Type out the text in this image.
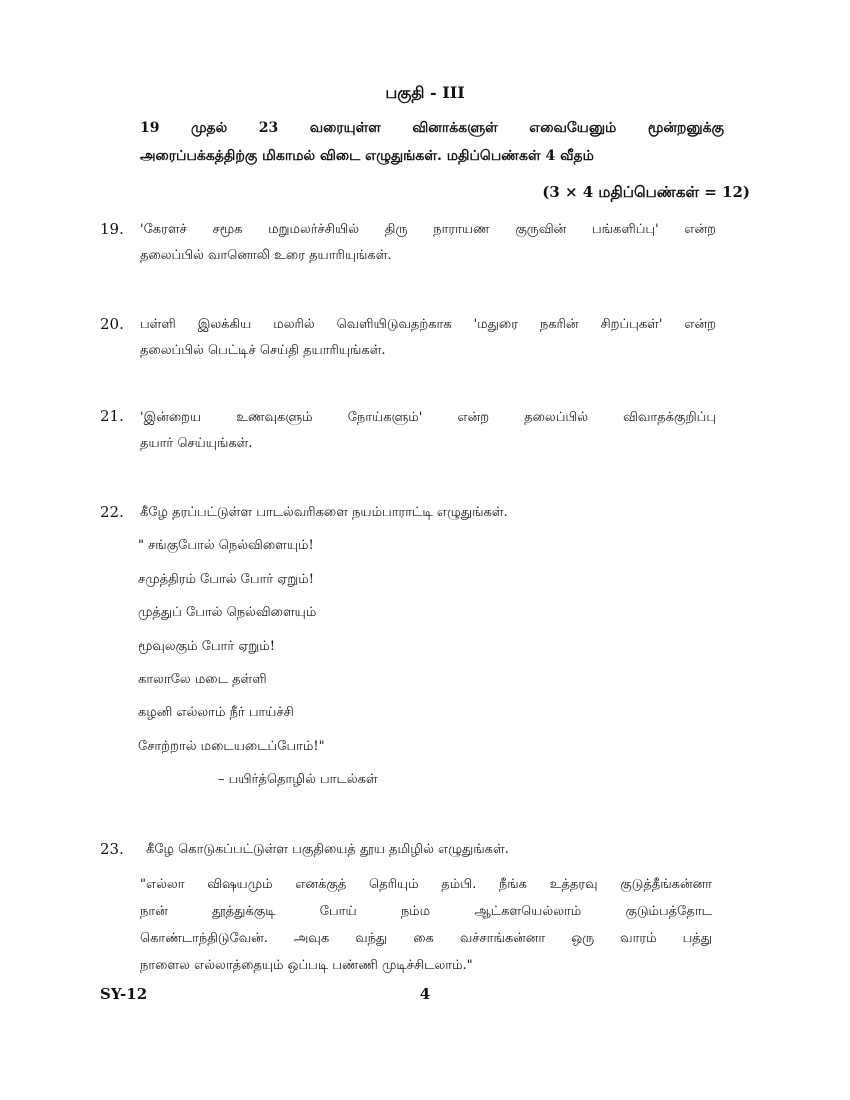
பகுதி - III
19 முதல் 23 வரையுள்ள வினாக்களுள் எவையேனும் மூன்றனுக்கு
அரைப்பக்கத்திற்கு மிகாமல் விடை எழுதுங்கள். மதிப்பெண்கள் 4 வீதம்
(3 × 4 மதிப்பெண்கள் = 12)
19. 'கேரளச் சமூக மறுமலர்ச்சியில் திரு நாராயண குருவின் பங்களிப்பு' என்ற
தலைப்பில் வானொலி உரை தயாரியுங்கள்.
20. பள்ளி இலக்கிய மலரில் வெளியிடுவதற்காக 'மதுரை நகரின் சிறப்புகள்' என்ற
தலைப்பில் பெட்டிச் செய்தி தயாரியுங்கள்.
21. 'இன்றைய உணவுகளும் நோய்களும்' என்ற தலைப்பில் விவாதக்குறிப்பு
தயார் செய்யுங்கள்.
22. கீழே தரப்பட்டுள்ள பாடல்வரிகளை நயம்பாராட்டி எழுதுங்கள்.
" சங்குபோல் நெல்விளையும்!
சமுத்திரம் போல் போர் ஏறும்!
முத்துப் போல் நெல்விளையும்
மூவுலகும் போர் ஏறும்!
காலாலே மடை தள்ளி
கழனி எல்லாம் நீர் பாய்ச்சி
சோற்றால் மடையடைப்போம்!"
– பயிர்த்தொழில் பாடல்கள்
23. கீழே கொடுகப்பட்டுள்ள பகுதியைத் தூய தமிழில் எழுதுங்கள்.
"எல்லா விஷயமும் எனக்குத் தெரியும் தம்பி. நீங்க உத்தரவு குடுத்தீங்கன்னா
நான் தூத்துக்குடி போய் நம்ம ஆட்களயெல்லாம் குடும்பத்தோட
கொண்டாந்திடுவேன். அவுக வந்து கை வச்சாங்கன்னா ஒரு வாரம் பத்து
நாளைல எல்லாத்தையும் ஒப்படி பண்ணி முடிச்சிடலாம்."
SY-12	4
